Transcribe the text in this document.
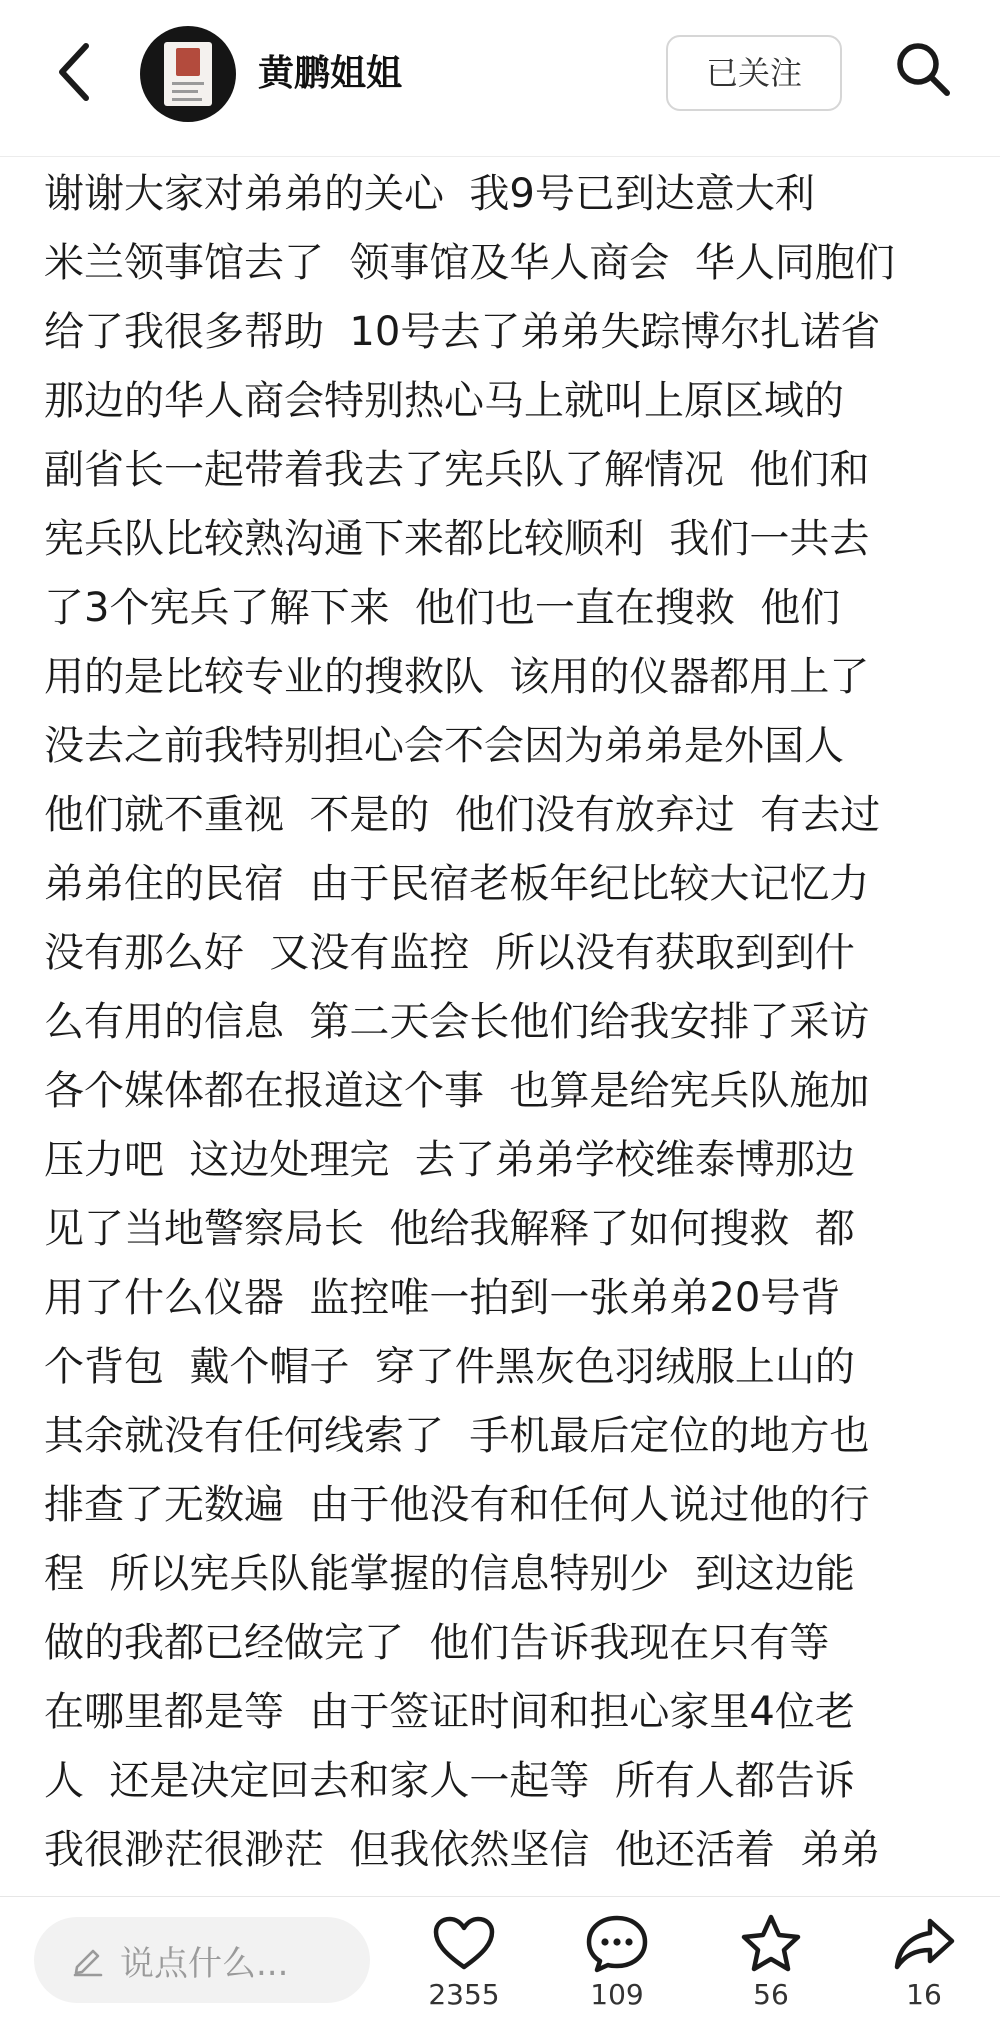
黄鹏姐姐	已关注
谢谢大家对弟弟的关心  我9号已到达意大利
米兰领事馆去了  领事馆及华人商会  华人同胞们
给了我很多帮助  10号去了弟弟失踪博尔扎诺省
那边的华人商会特别热心马上就叫上原区域的
副省长一起带着我去了宪兵队了解情况  他们和
宪兵队比较熟沟通下来都比较顺利  我们一共去
了3个宪兵了解下来  他们也一直在搜救  他们
用的是比较专业的搜救队  该用的仪器都用上了
没去之前我特别担心会不会因为弟弟是外国人
他们就不重视  不是的  他们没有放弃过  有去过
弟弟住的民宿  由于民宿老板年纪比较大记忆力
没有那么好  又没有监控  所以没有获取到到什
么有用的信息  第二天会长他们给我安排了采访
各个媒体都在报道这个事  也算是给宪兵队施加
压力吧  这边处理完  去了弟弟学校维泰博那边
见了当地警察局长  他给我解释了如何搜救  都
用了什么仪器  监控唯一拍到一张弟弟20号背
个背包  戴个帽子  穿了件黑灰色羽绒服上山的
其余就没有任何线索了  手机最后定位的地方也
排查了无数遍  由于他没有和任何人说过他的行
程  所以宪兵队能掌握的信息特别少  到这边能
做的我都已经做完了  他们告诉我现在只有等
在哪里都是等  由于签证时间和担心家里4位老
人  还是决定回去和家人一起等  所有人都告诉
我很渺茫很渺茫  但我依然坚信  他还活着  弟弟
说点什么...
2355	109	56	16
